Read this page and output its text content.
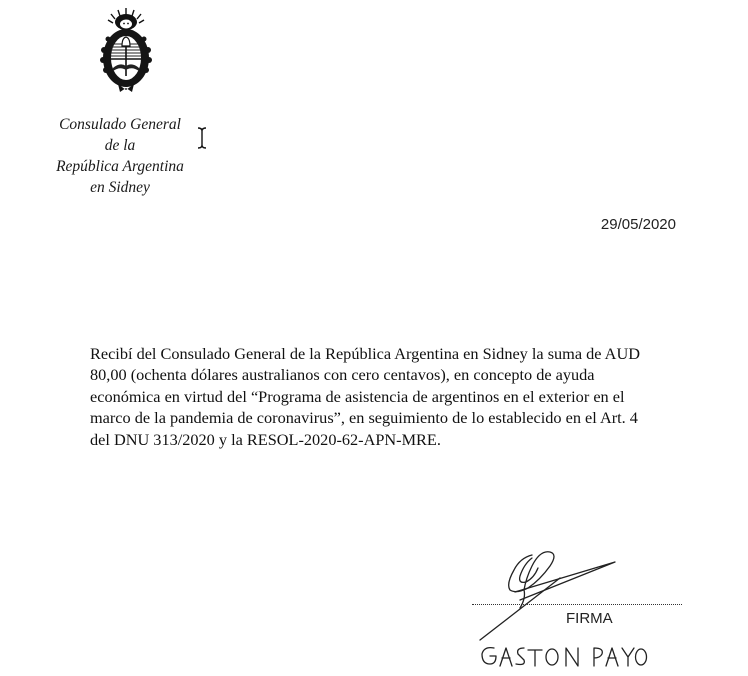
Consulado General
de la
República Argentina
en Sidney
29/05/2020
Recibí del Consulado General de la República Argentina en Sidney la suma de AUD
80,00 (ochenta dólares australianos con cero centavos), en concepto de ayuda
económica en virtud del “Programa de asistencia de argentinos en el exterior en el
marco de la pandemia de coronavirus”, en seguimiento de lo establecido en el Art. 4
del DNU 313/2020 y la RESOL-2020-62-APN-MRE.
FIRMA
